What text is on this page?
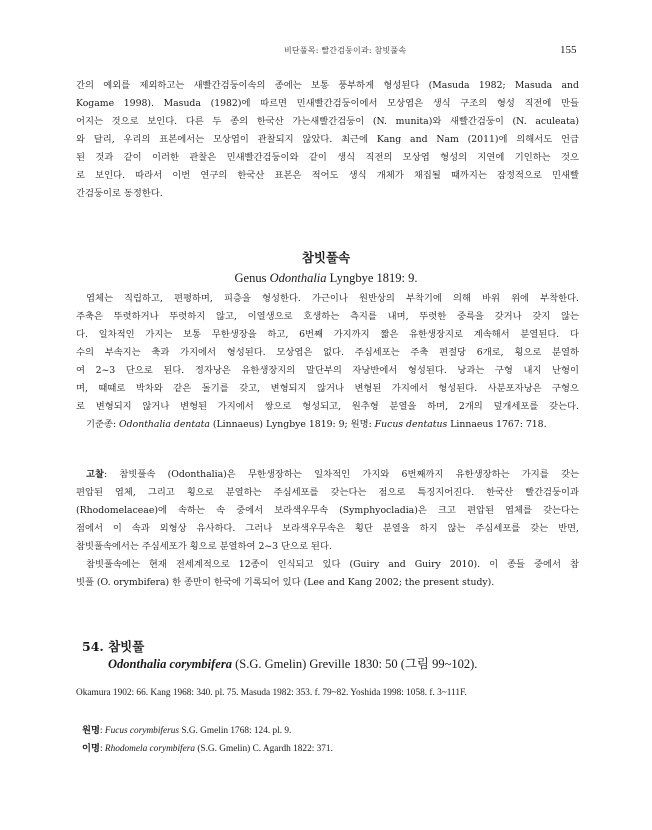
비단풀목: 빨간검둥이과: 참빗풀속	155
간의 예외를 제외하고는 새빨간검둥이속의 종에는 보통 풍부하게 형성된다 (Masuda 1982; Masuda and
Kogame 1998). Masuda (1982)에 따르면 민새빨간검둥이에서 모상엽은 생식 구조의 형성 직전에 만들
어지는 것으로 보인다. 다른 두 종의 한국산 가는새빨간검둥이 (N. munita)와 새빨간검둥이 (N. aculeata)
와 달리, 우리의 표본에서는 모상엽이 관찰되지 않았다. 최근에 Kang and Nam (2011)에 의해서도 언급
된 것과 같이 이러한 관찰은 민새빨간검둥이와 같이 생식 직전의 모상엽 형성의 지연에 기인하는 것으
로 보인다. 따라서 이번 연구의 한국산 표본은 적어도 생식 개체가 채집될 때까지는 잠정적으로 민새빨
간검둥이로 동정한다.
참빗풀속
Genus Odonthalia Lyngbye 1819: 9.
엽체는 직립하고, 편평하며, 피층을 형성한다. 가근이나 원반상의 부착기에 의해 바위 위에 부착한다.
주축은 뚜렷하거나 뚜렷하지 않고, 이열생으로 호생하는 측지를 내며, 뚜렷한 중륵을 갖거나 갖지 않는
다. 일차적인 가지는 보통 무한생장을 하고, 6번째 가지까지 짧은 유한생장지로 계속해서 분열된다. 다
수의 부속지는 축과 가지에서 형성된다. 모상엽은 없다. 주심세포는 주축 편절당 6개로, 횡으로 분열하
여 2~3 단으로 된다. 정자낭은 유한생장지의 말단부의 자낭반에서 형성된다. 낭과는 구형 내지 난형이
며, 때때로 박차와 같은 돌기를 갖고, 변형되지 않거나 변형된 가지에서 형성된다. 사분포자낭은 구형으
로 변형되지 않거나 변형된 가지에서 쌍으로 형성되고, 원추형 분열을 하며, 2개의 덮개세포를 갖는다.
기준종: Odonthalia dentata (Linnaeus) Lyngbye 1819: 9; 원명: Fucus dentatus Linnaeus 1767: 718.
고찰: 참빗풀속 (Odonthalia)은 무한생장하는 일차적인 가지와 6번째까지 유한생장하는 가지를 갖는
편압된 엽체, 그리고 횡으로 분열하는 주심세포를 갖는다는 점으로 특징지어진다. 한국산 빨간검둥이과
(Rhodomelaceae)에 속하는 속 중에서 보라색우무속 (Symphyocladia)은 크고 편압된 엽체를 갖는다는
점에서 이 속과 외형상 유사하다. 그러나 보라색우무속은 횡단 분열을 하지 않는 주심세포를 갖는 반면,
참빗풀속에서는 주심세포가 횡으로 분열하여 2~3 단으로 된다.
참빗풀속에는 현재 전세계적으로 12종이 인식되고 있다 (Guiry and Guiry 2010). 이 종들 중에서 참
빗풀 (O. orymbifera) 한 종만이 한국에 기록되어 있다 (Lee and Kang 2002; the present study).
54. 참빗풀
Odonthalia corymbifera (S.G. Gmelin) Greville 1830: 50 (그림 99~102).
Okamura 1902: 66. Kang 1968: 340. pl. 75. Masuda 1982: 353. f. 79~82. Yoshida 1998: 1058. f. 3~111F.
원명: Fucus corymbiferus S.G. Gmelin 1768: 124. pl. 9.
이명: Rhodomela corymbifera (S.G. Gmelin) C. Agardh 1822: 371.
